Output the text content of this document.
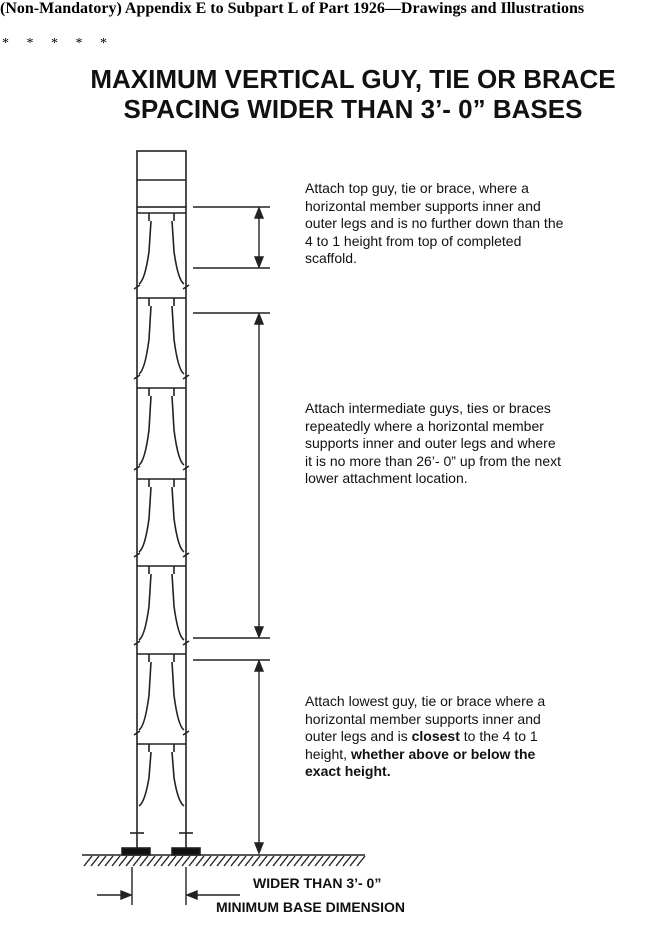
(Non-Mandatory) Appendix E to Subpart L of Part 1926—Drawings and Illustrations
* * * * *
MAXIMUM VERTICAL GUY, TIE OR BRACE
SPACING WIDER THAN 3’- 0” BASES
Attach top guy, tie or brace, where a horizontal member supports inner and outer legs and is no further down than the 4 to 1 height from top of completed scaffold.
Attach intermediate guys, ties or braces repeatedly where a horizontal member supports inner and outer legs and where it is no more than 26’- 0” up from the next lower attachment location.
Attach lowest guy, tie or brace where a horizontal member supports inner and outer legs and is closest to the 4 to 1 height, whether above or below the exact height.
WIDER THAN 3’- 0”
MINIMUM BASE DIMENSION
